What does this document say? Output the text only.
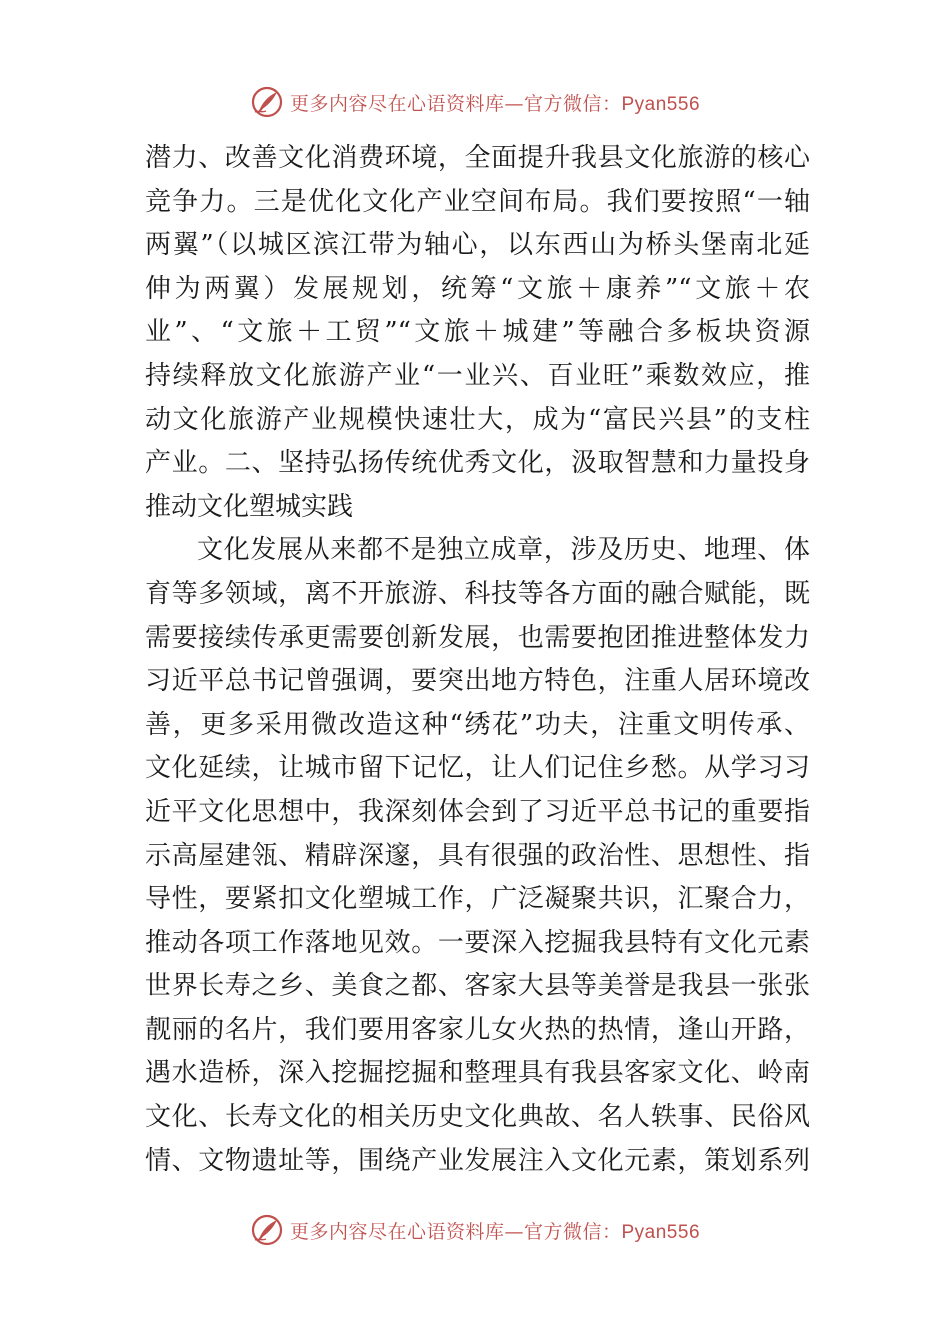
更多内容尽在心语资料库—官方微信：Pyan556
潜力、改善文化消费环境，全面提升我县文化旅游的核心
竞争力。三是优化文化产业空间布局。我们要按照“一轴
两翼”（以城区滨江带为轴心，以东西山为桥头堡南北延
伸为两翼）发展规划，统筹“文旅＋康养”“文旅＋农
业”、“文旅＋工贸”“文旅＋城建”等融合多板块资源
持续释放文化旅游产业“一业兴、百业旺”乘数效应，推
动文化旅游产业规模快速壮大，成为“富民兴县”的支柱
产业。二、坚持弘扬传统优秀文化，汲取智慧和力量投身
推动文化塑城实践
文化发展从来都不是独立成章，涉及历史、地理、体
育等多领域，离不开旅游、科技等各方面的融合赋能，既
需要接续传承更需要创新发展，也需要抱团推进整体发力
习近平总书记曾强调，要突出地方特色，注重人居环境改
善，更多采用微改造这种“绣花”功夫，注重文明传承、
文化延续，让城市留下记忆，让人们记住乡愁。从学习习
近平文化思想中，我深刻体会到了习近平总书记的重要指
示高屋建瓴、精辟深邃，具有很强的政治性、思想性、指
导性，要紧扣文化塑城工作，广泛凝聚共识，汇聚合力，
推动各项工作落地见效。一要深入挖掘我县特有文化元素
世界长寿之乡、美食之都、客家大县等美誉是我县一张张
靓丽的名片，我们要用客家儿女火热的热情，逢山开路，
遇水造桥，深入挖掘挖掘和整理具有我县客家文化、岭南
文化、长寿文化的相关历史文化典故、名人轶事、民俗风
情、文物遗址等，围绕产业发展注入文化元素，策划系列
更多内容尽在心语资料库—官方微信：Pyan556
